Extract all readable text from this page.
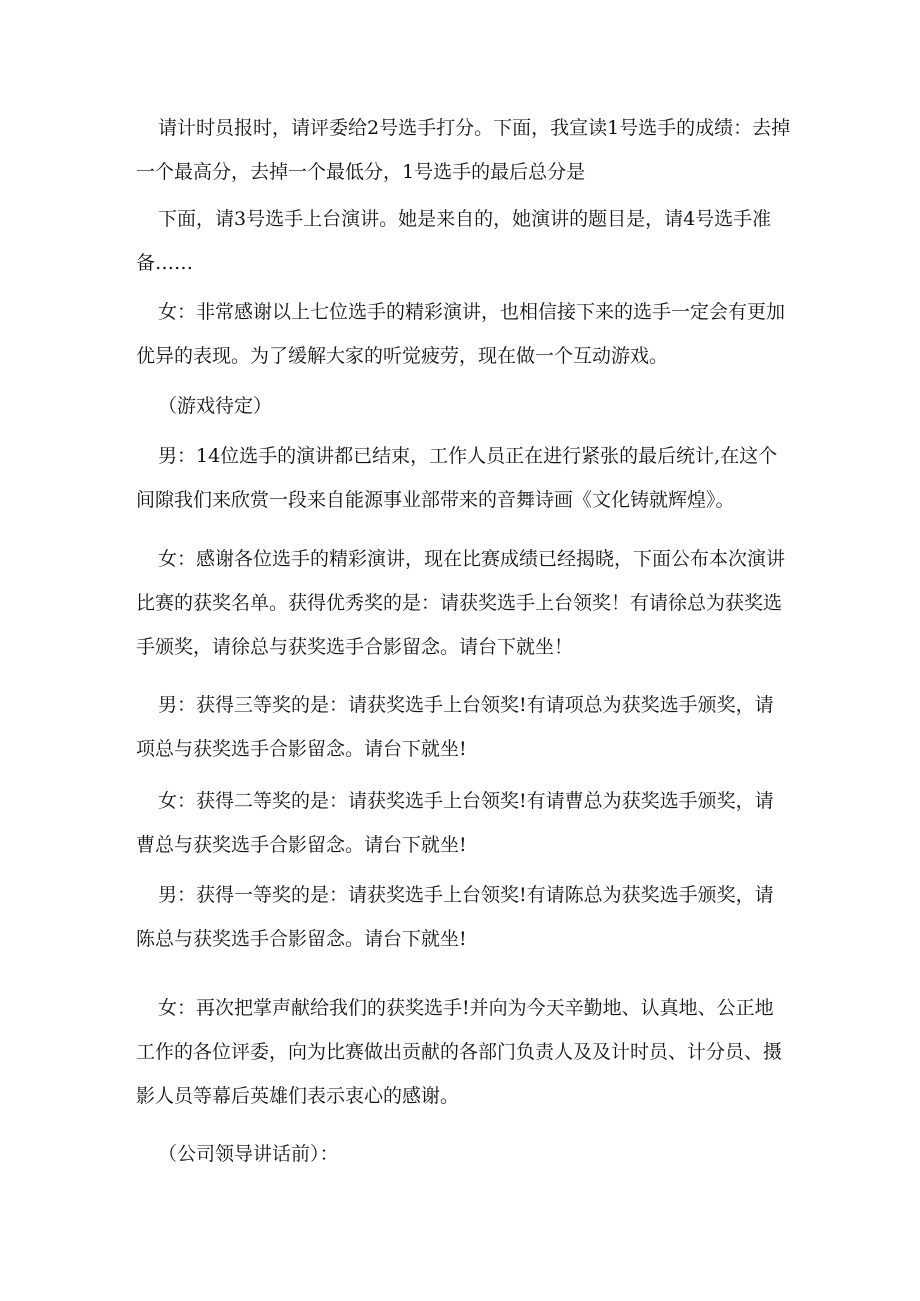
请计时员报时，请评委给2号选手打分。下面，我宣读1号选手的成绩：去掉一个最高分，去掉一个最低分，1号选手的最后总分是

下面，请3号选手上台演讲。她是来自的，她演讲的题目是，请4号选手准备……

女：非常感谢以上七位选手的精彩演讲，也相信接下来的选手一定会有更加优异的表现。为了缓解大家的听觉疲劳，现在做一个互动游戏。

（游戏待定）

男：14位选手的演讲都已结束，工作人员正在进行紧张的最后统计,在这个间隙我们来欣赏一段来自能源事业部带来的音舞诗画《文化铸就辉煌》。

女：感谢各位选手的精彩演讲，现在比赛成绩已经揭晓，下面公布本次演讲比赛的获奖名单。获得优秀奖的是：请获奖选手上台领奖！有请徐总为获奖选手颁奖，请徐总与获奖选手合影留念。请台下就坐！

男：获得三等奖的是：请获奖选手上台领奖!有请项总为获奖选手颁奖，请项总与获奖选手合影留念。请台下就坐!

女：获得二等奖的是：请获奖选手上台领奖!有请曹总为获奖选手颁奖，请曹总与获奖选手合影留念。请台下就坐!

男：获得一等奖的是：请获奖选手上台领奖!有请陈总为获奖选手颁奖，请陈总与获奖选手合影留念。请台下就坐!

女：再次把掌声献给我们的获奖选手!并向为今天辛勤地、认真地、公正地工作的各位评委，向为比赛做出贡献的各部门负责人及及计时员、计分员、摄影人员等幕后英雄们表示衷心的感谢。

（公司领导讲话前）：
